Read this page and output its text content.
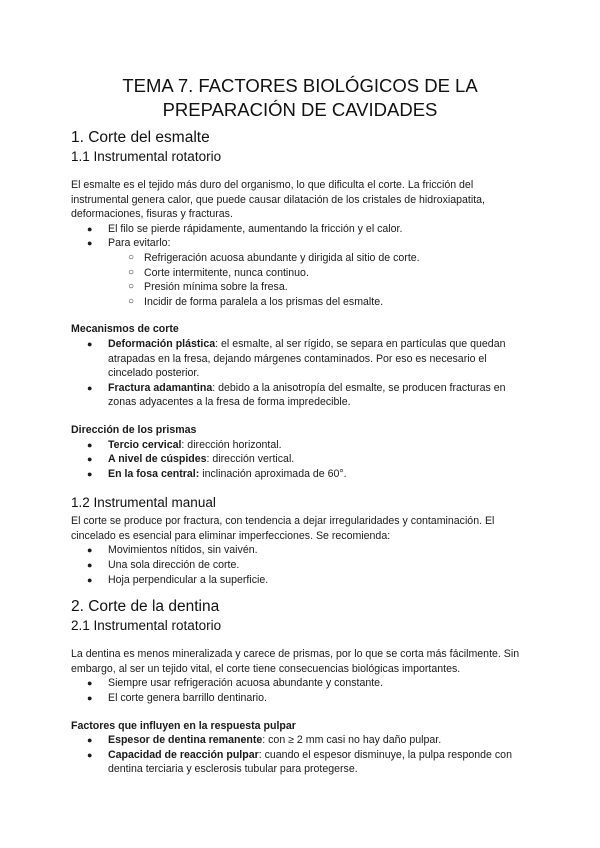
TEMA 7. FACTORES BIOLÓGICOS DE LA
PREPARACIÓN DE CAVIDADES
1. Corte del esmalte
1.1 Instrumental rotatorio

El esmalte es el tejido más duro del organismo, lo que dificulta el corte. La fricción del instrumental genera calor, que puede causar dilatación de los cristales de hidroxiapatita, deformaciones, fisuras y fracturas.

● El filo se pierde rápidamente, aumentando la fricción y el calor.
● Para evitarlo:
○ Refrigeración acuosa abundante y dirigida al sitio de corte.
○ Corte intermitente, nunca continuo.
○ Presión mínima sobre la fresa.
○ Incidir de forma paralela a los prismas del esmalte.
Mecanismos de corte
● Deformación plástica: el esmalte, al ser rígido, se separa en partículas que quedan atrapadas en la fresa, dejando márgenes contaminados. Por eso es necesario el cincelado posterior.
● Fractura adamantina: debido a la anisotropía del esmalte, se producen fracturas en zonas adyacentes a la fresa de forma impredecible.
Dirección de los prismas
● Tercio cervical: dirección horizontal.
● A nivel de cúspides: dirección vertical.
● En la fosa central: inclinación aproximada de 60°.
1.2 Instrumental manual

El corte se produce por fractura, con tendencia a dejar irregularidades y contaminación. El cincelado es esencial para eliminar imperfecciones. Se recomienda:

● Movimientos nítidos, sin vaivén.
● Una sola dirección de corte.
● Hoja perpendicular a la superficie.
2. Corte de la dentina
2.1 Instrumental rotatorio

La dentina es menos mineralizada y carece de prismas, por lo que se corta más fácilmente. Sin embargo, al ser un tejido vital, el corte tiene consecuencias biológicas importantes.

● Siempre usar refrigeración acuosa abundante y constante.
● El corte genera barrillo dentinario.
Factores que influyen en la respuesta pulpar
● Espesor de dentina remanente: con ≥ 2 mm casi no hay daño pulpar.
● Capacidad de reacción pulpar: cuando el espesor disminuye, la pulpa responde con dentina terciaria y esclerosis tubular para protegerse.
